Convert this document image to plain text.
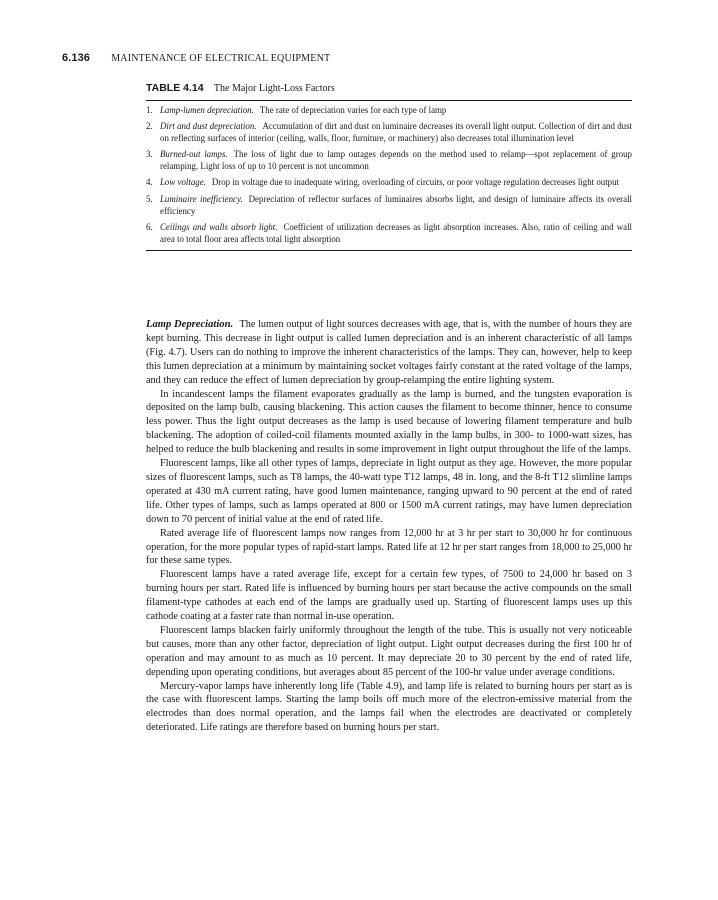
6.136 MAINTENANCE OF ELECTRICAL EQUIPMENT
TABLE 4.14 The Major Light-Loss Factors
1. Lamp-lumen depreciation. The rate of depreciation varies for each type of lamp
2. Dirt and dust depreciation. Accumulation of dirt and dust on luminaire decreases its overall light output. Collection of dirt and dust on reflecting surfaces of interior (ceiling, walls, floor, furniture, or machinery) also decreases total illumination level
3. Burned-out lamps. The loss of light due to lamp outages depends on the method used to relamp—spot replacement of group relamping. Light loss of up to 10 percent is not uncommon
4. Low voltage. Drop in voltage due to inadequate wiring, overloading of circuits, or poor voltage regulation decreases light output
5. Luminaire inefficiency. Depreciation of reflector surfaces of luminaires absorbs light, and design of luminaire affects its overall efficiency
6. Ceilings and walls absorb light. Coefficient of utilization decreases as light absorption increases. Also, ratio of ceiling and wall area to total floor area affects total light absorption

Lamp Depreciation. The lumen output of light sources decreases with age, that is, with the number of hours they are kept burning. This decrease in light output is called lumen depreciation and is an inherent characteristic of all lamps (Fig. 4.7). Users can do nothing to improve the inherent characteristics of the lamps. They can, however, help to keep this lumen depreciation at a minimum by maintaining socket voltages fairly constant at the rated voltage of the lamps, and they can reduce the effect of lumen depreciation by group-relamping the entire lighting system.

In incandescent lamps the filament evaporates gradually as the lamp is burned, and the tungsten evaporation is deposited on the lamp bulb, causing blackening. This action causes the filament to become thinner, hence to consume less power. Thus the light output decreases as the lamp is used because of lowering filament temperature and bulb blackening. The adoption of coiled-coil filaments mounted axially in the lamp bulbs, in 300- to 1000-watt sizes, has helped to reduce the bulb blackening and results in some improvement in light output throughout the life of the lamps.

Fluorescent lamps, like all other types of lamps, depreciate in light output as they age. However, the more popular sizes of fluorescent lamps, such as T8 lamps, the 40-watt type T12 lamps, 48 in. long, and the 8-ft T12 slimline lamps operated at 430 mA current rating, have good lumen maintenance, ranging upward to 90 percent at the end of rated life. Other types of lamps, such as lamps operated at 800 or 1500 mA current ratings, may have lumen depreciation down to 70 percent of initial value at the end of rated life.

Rated average life of fluorescent lamps now ranges from 12,000 hr at 3 hr per start to 30,000 hr for continuous operation, for the more popular types of rapid-start lamps. Rated life at 12 hr per start ranges from 18,000 to 25,000 hr for these same types.

Fluorescent lamps have a rated average life, except for a certain few types, of 7500 to 24,000 hr based on 3 burning hours per start. Rated life is influenced by burning hours per start because the active compounds on the small filament-type cathodes at each end of the lamps are gradually used up. Starting of fluorescent lamps uses up this cathode coating at a faster rate than normal in-use operation.

Fluorescent lamps blacken fairly uniformly throughout the length of the tube. This is usually not very noticeable but causes, more than any other factor, depreciation of light output. Light output decreases during the first 100 hr of operation and may amount to as much as 10 percent. It may depreciate 20 to 30 percent by the end of rated life, depending upon operating conditions, but averages about 85 percent of the 100-hr value under average conditions.

Mercury-vapor lamps have inherently long life (Table 4.9), and lamp life is related to burning hours per start as is the case with fluorescent lamps. Starting the lamp boils off much more of the electron-emissive material from the electrodes than does normal operation, and the lamps fail when the electrodes are deactivated or completely deteriorated. Life ratings are therefore based on burning hours per start.
